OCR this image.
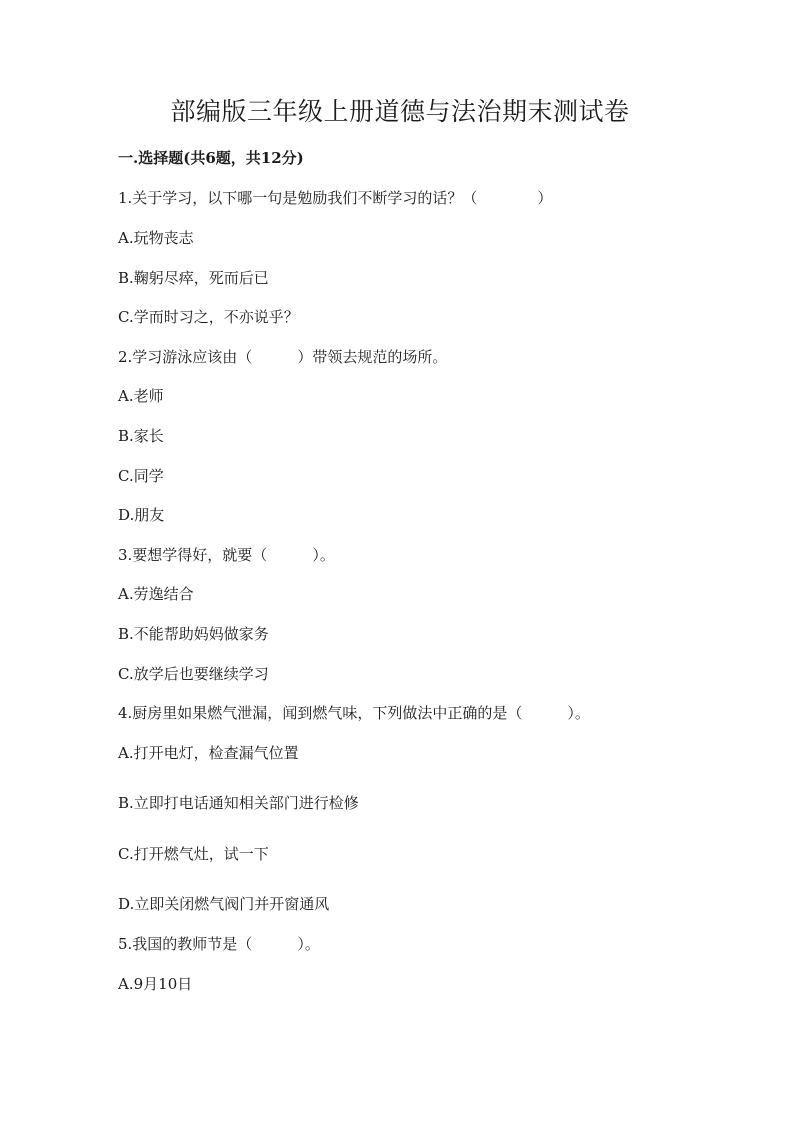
部编版三年级上册道德与法治期末测试卷
一.选择题(共6题，共12分)

1.关于学习，以下哪一句是勉励我们不断学习的话？（　　　　）

A.玩物丧志

B.鞠躬尽瘁，死而后已

C.学而时习之，不亦说乎？

2.学习游泳应该由（　　　）带领去规范的场所。

A.老师

B.家长

C.同学

D.朋友

3.要想学得好，就要（　　　）。

A.劳逸结合

B.不能帮助妈妈做家务

C.放学后也要继续学习

4.厨房里如果燃气泄漏，闻到燃气味，下列做法中正确的是（　　　）。

A.打开电灯，检查漏气位置

B.立即打电话通知相关部门进行检修

C.打开燃气灶，试一下

D.立即关闭燃气阀门并开窗通风

5.我国的教师节是（　　　）。

A.9月10日
